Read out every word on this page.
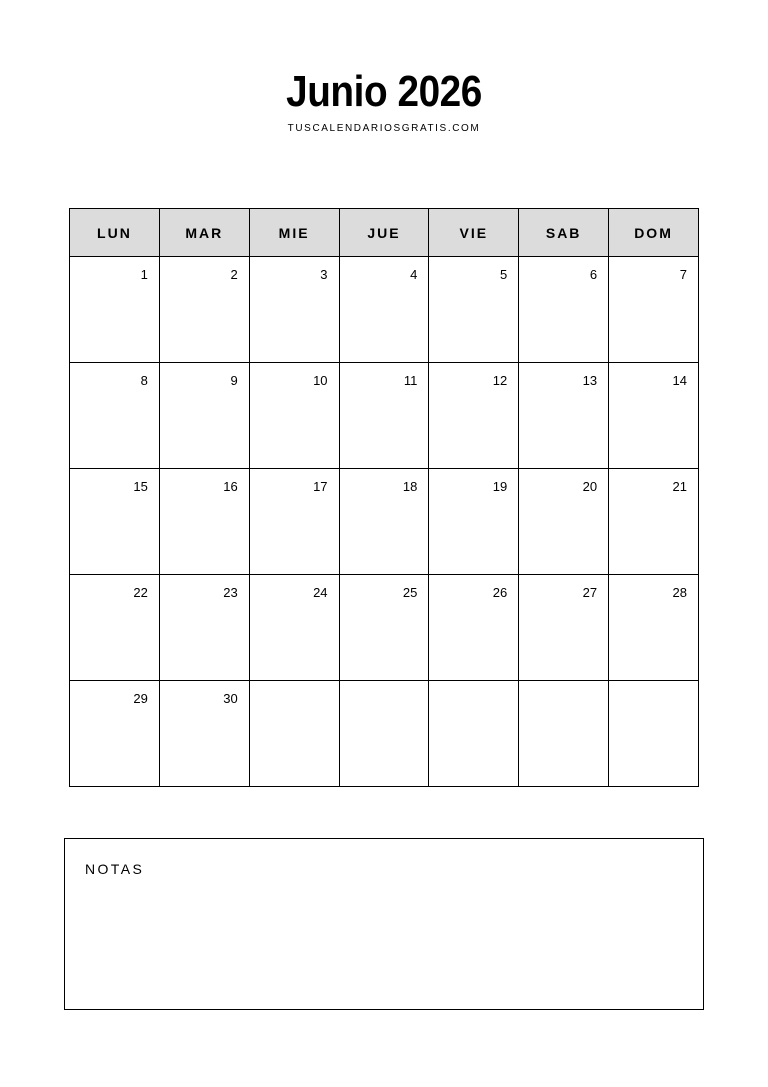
Junio 2026
TUSCALENDARIOSGRATIS.COM
LUN	MAR	MIE	JUE	VIE	SAB	DOM
1	2	3	4	5	6	7
8	9	10	11	12	13	14
15	16	17	18	19	20	21
22	23	24	25	26	27	28
29	30					
NOTAS
